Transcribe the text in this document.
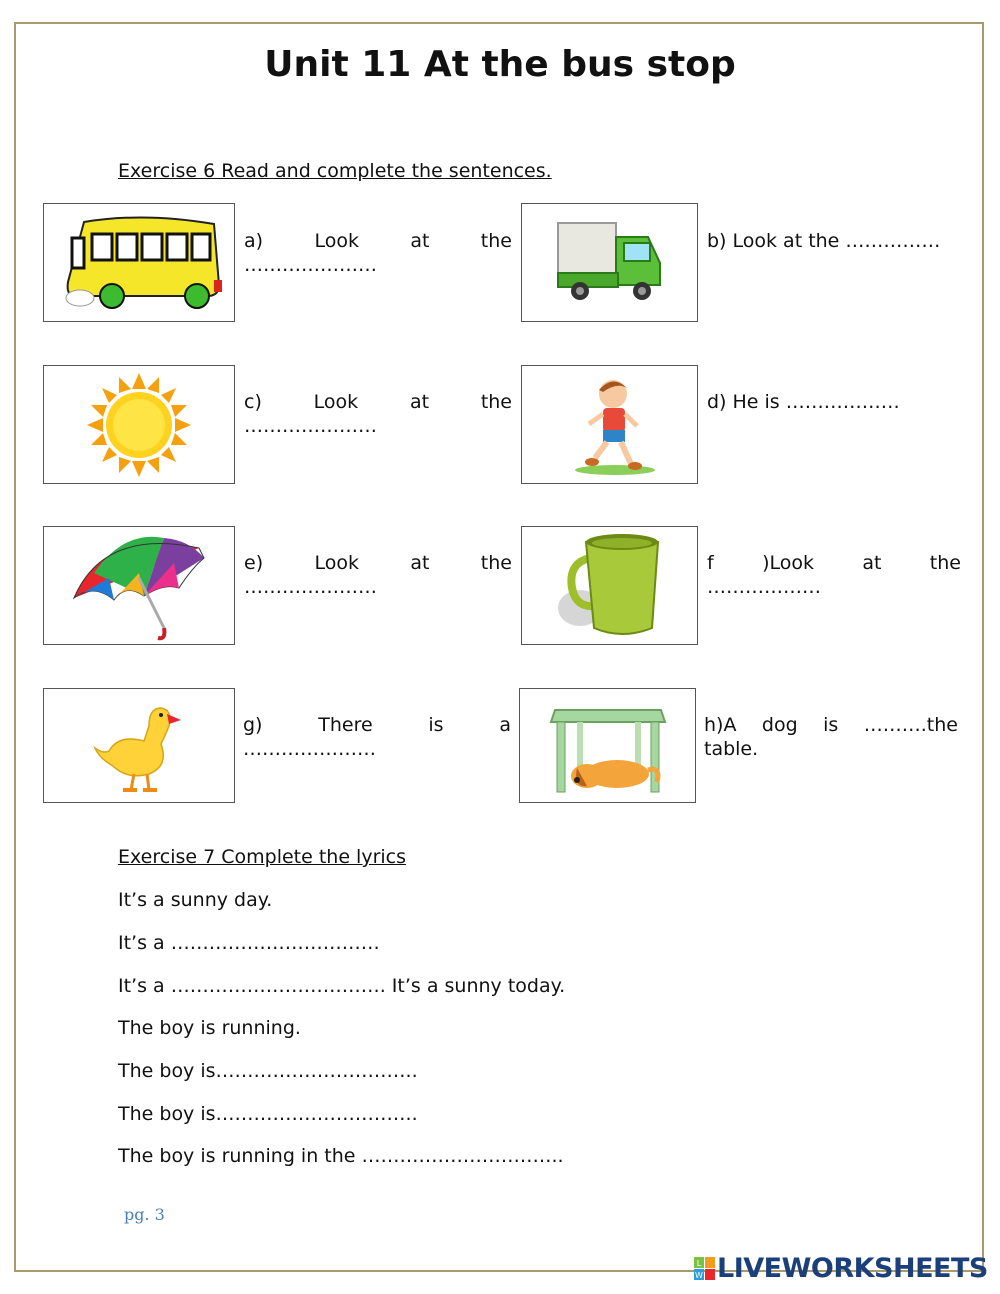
Unit 11 At the bus stop
Exercise 6 Read and complete the sentences.
a)	Look	at	the
…………………
b) Look at the ……………
c)	Look	at	the
…………………
d) He is ………………
e)	Look	at	the
…………………
f	)Look	at	the
………………
g)	There	is	a
…………………
h)A dog is ……….the
table.
Exercise 7 Complete the lyrics
It’s a sunny day.
It’s a ……………………………
It’s a ……………………………. It’s a sunny today.
The boy is running.
The boy is…………………………..
The boy is…………………………..
The boy is running in the …………………………..
pg. 3
L
W LIVEWORKSHEETS
